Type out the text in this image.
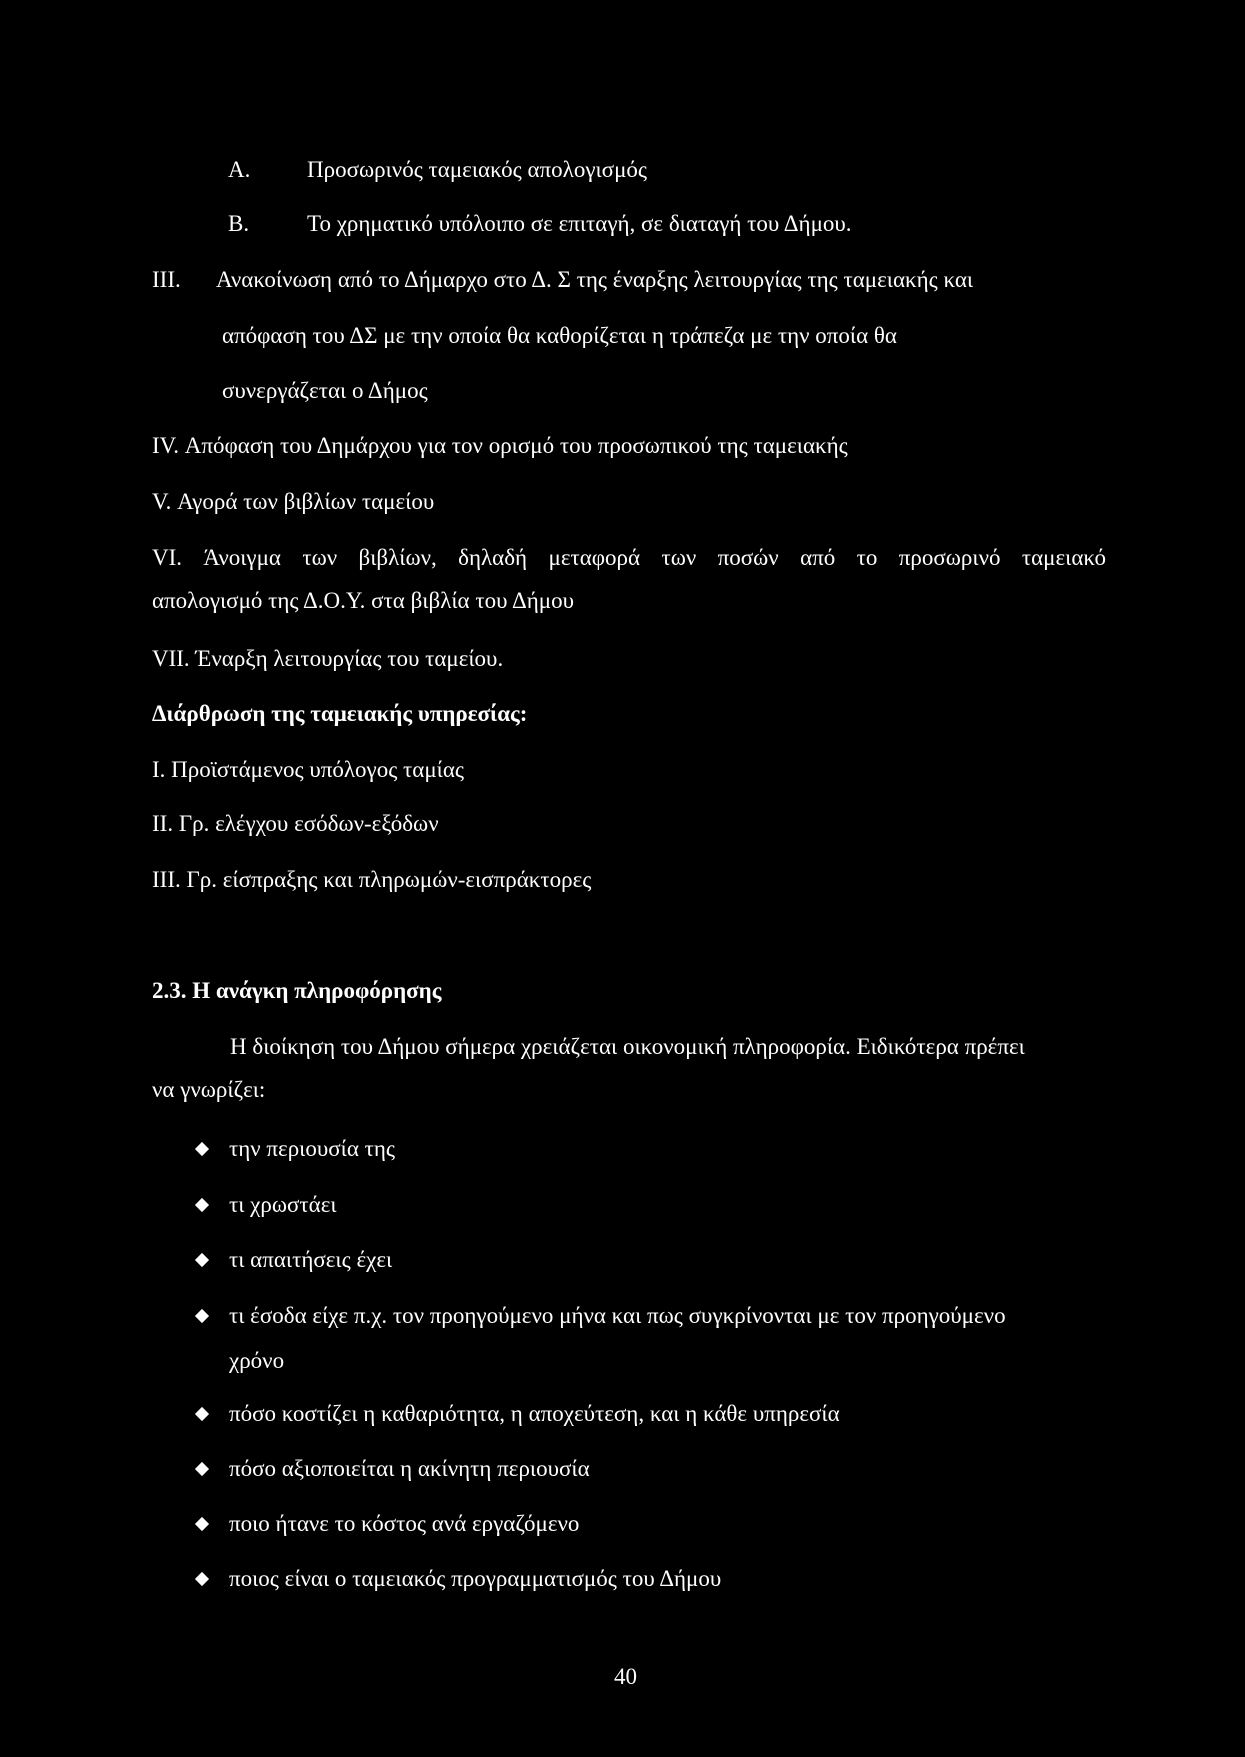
A. Προσωρινός ταμειακός απολογισμός
B.	Το χρηματικό υπόλοιπο σε επιταγή, σε διαταγή του Δήμου.
III. Ανακοίνωση από το Δήμαρχο στο Δ. Σ της έναρξης λειτουργίας της ταμειακής και
απόφαση του ΔΣ με την οποία θα καθορίζεται η τράπεζα με την οποία θα
συνεργάζεται ο Δήμος
IV. Απόφαση του Δημάρχου για τον ορισμό του προσωπικού της ταμειακής
V. Αγορά των βιβλίων ταμείου
VI. Άνοιγμα των βιβλίων, δηλαδή μεταφορά των ποσών από το προσωρινό ταμειακό
απολογισμό της Δ.Ο.Υ. στα βιβλία του Δήμου
VII. Έναρξη λειτουργίας του ταμείου.
Διάρθρωση της ταμειακής υπηρεσίας:
I. Προϊστάμενος υπόλογος ταμίας
II. Γρ. ελέγχου εσόδων-εξόδων
III. Γρ. είσπραξης και πληρωμών-εισπράκτορες
2.3. Η ανάγκη πληροφόρησης
Η διοίκηση του Δήμου σήμερα χρειάζεται οικονομική πληροφορία. Ειδικότερα πρέπει
να γνωρίζει:
την περιουσία της
τι χρωστάει
τι απαιτήσεις έχει
τι έσοδα είχε π.χ. τον προηγούμενο μήνα και πως συγκρίνονται με τον προηγούμενο
χρόνο
πόσο κοστίζει η καθαριότητα, η αποχεύτεση, και η κάθε υπηρεσία
πόσο αξιοποιείται η ακίνητη περιουσία
ποιο ήτανε το κόστος ανά εργαζόμενο
ποιος είναι ο ταμειακός προγραμματισμός του Δήμου
40
